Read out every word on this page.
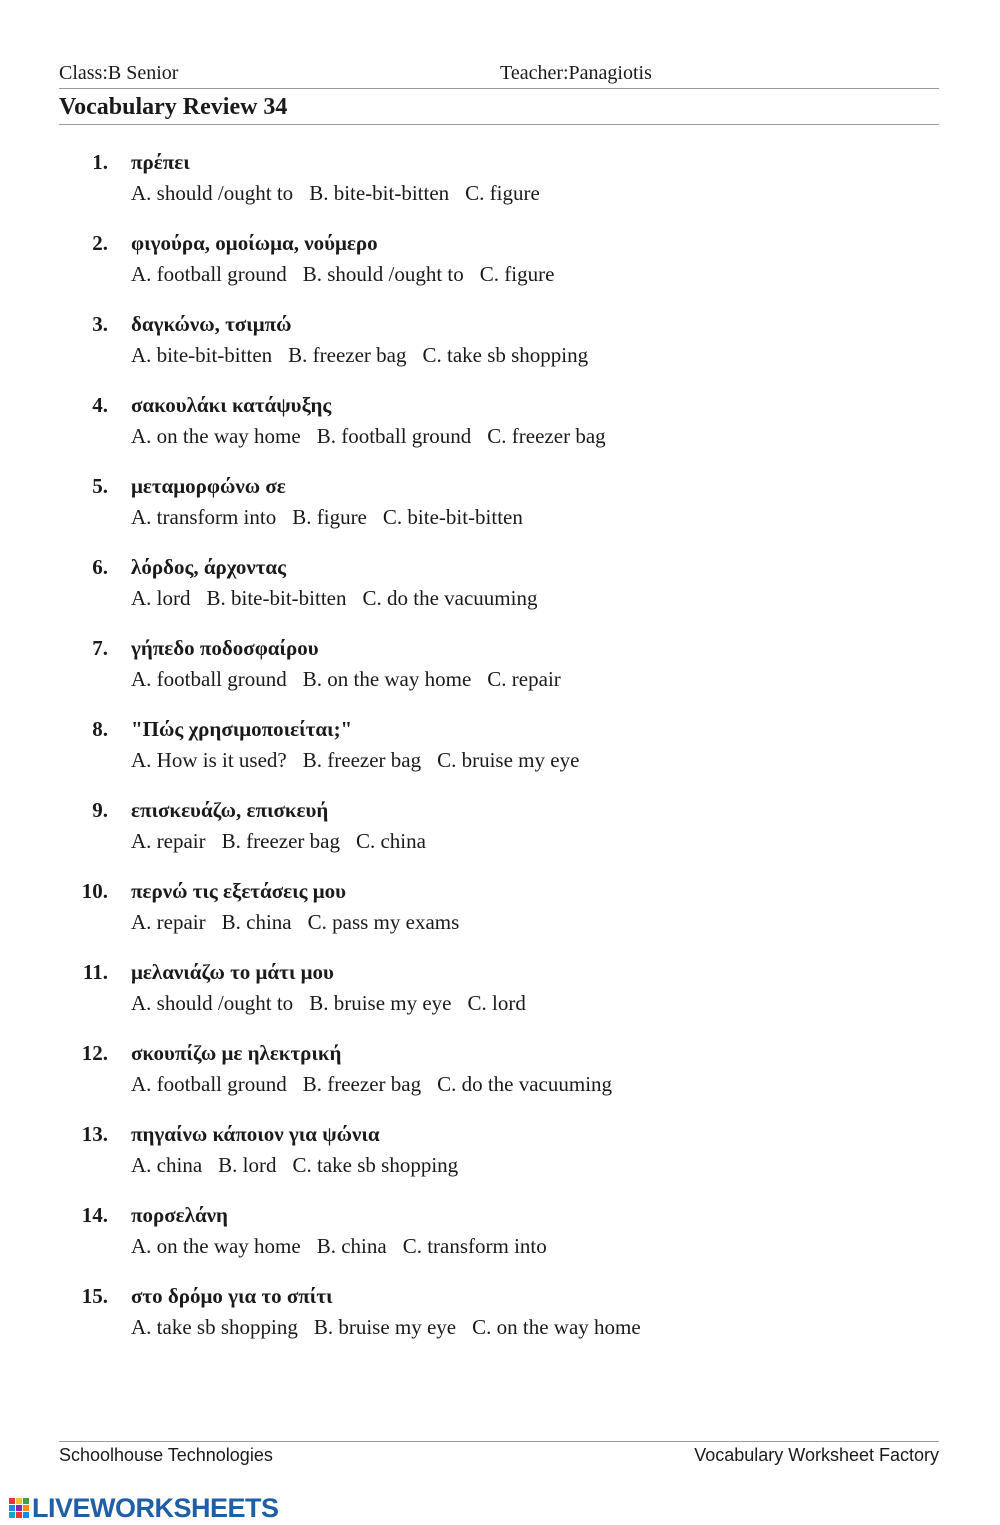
Class:B Senior	Teacher:Panagiotis
Vocabulary Review 34
1. πρέπει
A. should /ought to B. bite-bit-bitten C. figure
2. φιγούρα, ομοίωμα, νούμερο
A. football ground B. should /ought to C. figure
3. δαγκώνω, τσιμπώ
A. bite-bit-bitten B. freezer bag C. take sb shopping
4. σακουλάκι κατάψυξης
A. on the way home B. football ground C. freezer bag
5. μεταμορφώνω σε
A. transform into B. figure C. bite-bit-bitten
6. λόρδος, άρχοντας
A. lord B. bite-bit-bitten C. do the vacuuming
7. γήπεδο ποδοσφαίρου
A. football ground B. on the way home C. repair
8. "Πώς χρησιμοποιείται;"
A. How is it used? B. freezer bag C. bruise my eye
9. επισκευάζω, επισκευή
A. repair B. freezer bag C. china
10. περνώ τις εξετάσεις μου
A. repair B. china C. pass my exams
11. μελανιάζω το μάτι μου
A. should /ought to B. bruise my eye C. lord
12. σκουπίζω με ηλεκτρική
A. football ground B. freezer bag C. do the vacuuming
13. πηγαίνω κάποιον για ψώνια
A. china B. lord C. take sb shopping
14. πορσελάνη
A. on the way home B. china C. transform into
15. στο δρόμο για το σπίτι
A. take sb shopping B. bruise my eye C. on the way home
Schoolhouse Technologies	Vocabulary Worksheet Factory
LIVEWORKSHEETS
